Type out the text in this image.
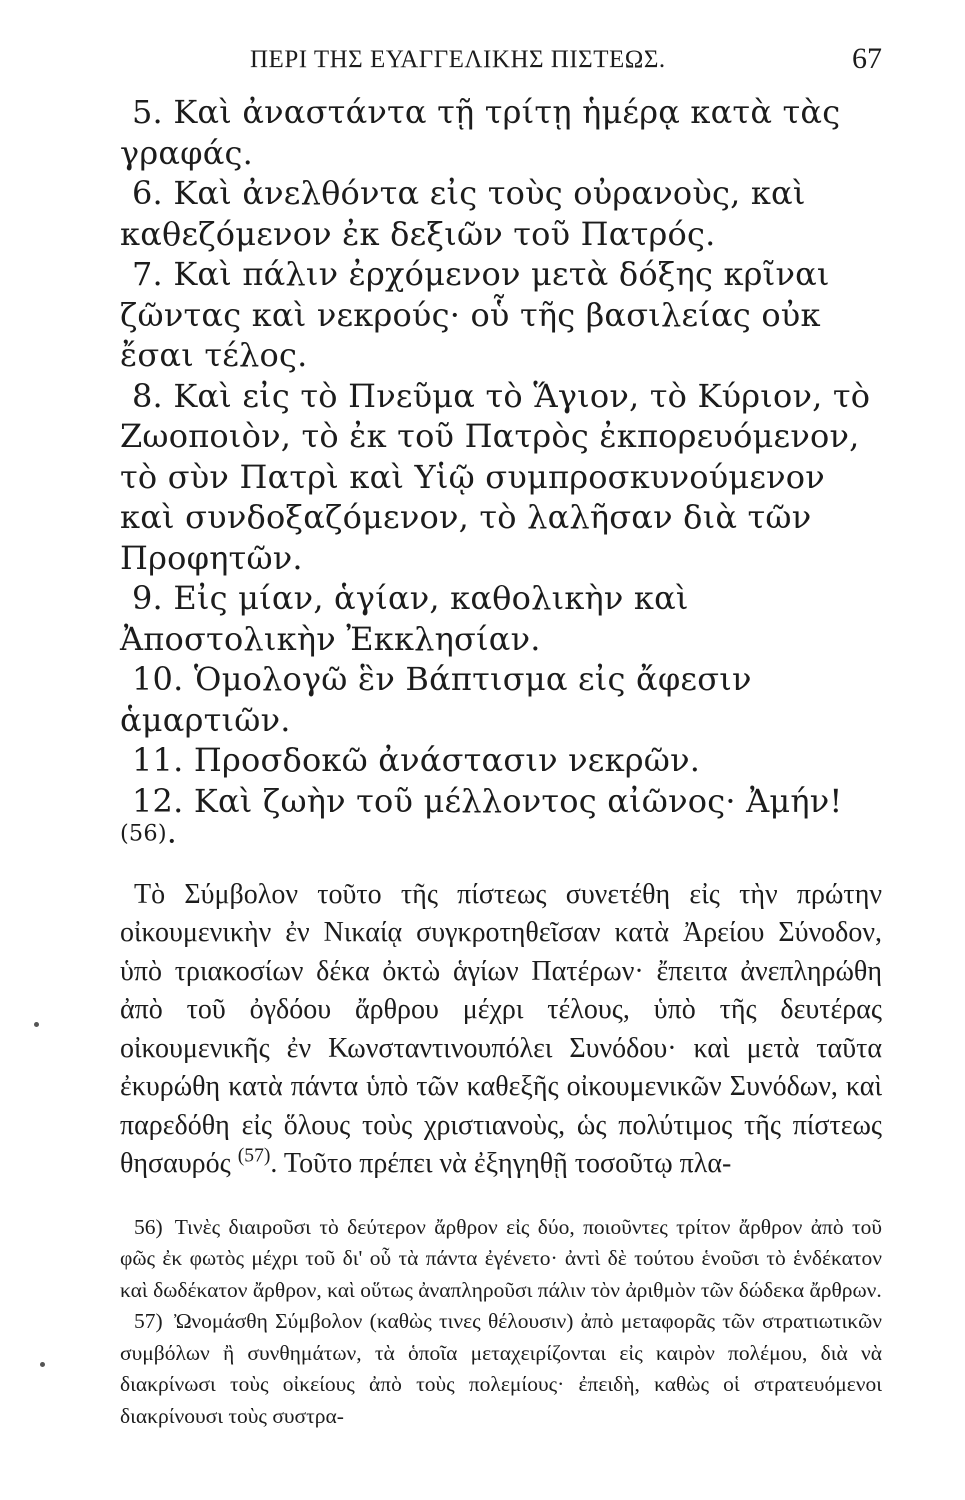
ΠΕΡΙ ΤΗΣ ΕΥΑΓΓΕΛΙΚΗΣ ΠΙΣΤΕΩΣ.	67

5. Καὶ ἀναστάντα τῇ τρίτῃ ἡμέρᾳ κατὰ τὰς γραφάς.

6. Καὶ ἀνελθόντα εἰς τοὺς οὐρανοὺς, καὶ καθεζόμενον ἐκ δεξιῶν τοῦ Πατρός.

7. Καὶ πάλιν ἐρχόμενον μετὰ δόξης κρῖναι ζῶντας καὶ νεκρούς· οὗ τῆς βασιλείας οὐκ ἔσαι τέλος.

8. Καὶ εἰς τὸ Πνεῦμα τὸ Ἅγιον, τὸ Κύριον, τὸ Ζωοποιὸν, τὸ ἐκ τοῦ Πατρὸς ἐκπορευόμενον, τὸ σὺν Πατρὶ καὶ Υἱῷ συμπροσκυνούμενον καὶ συνδοξαζόμενον, τὸ λαλῆσαν διὰ τῶν Προφητῶν.

9. Εἰς μίαν, ἁγίαν, καθολικὴν καὶ Ἀποστολικὴν Ἐκκλησίαν.

10. Ὁμολογῶ ἓν Βάπτισμα εἰς ἄφεσιν ἁμαρτιῶν.

11. Προσδοκῶ ἀνάστασιν νεκρῶν.

12. Καὶ ζωὴν τοῦ μέλλοντος αἰῶνος· Ἀμήν! $^{(56)}$·

Τὸ Σύμβολον τοῦτο τῆς πίστεως συνετέθη εἰς τὴν πρώτην οἰκουμενικὴν ἐν Νικαίᾳ συγκροτηθεῖσαν κατὰ Ἀρείου Σύνοδον, ὑπὸ τριακοσίων δέκα ὀκτὼ ἁγίων Πατέρων· ἔπειτα ἀνεπληρώθη ἀπὸ τοῦ ὀγδόου ἄρθρου μέχρι τέλους, ὑπὸ τῆς δευτέρας οἰκουμενικῆς ἐν Κωνσταντινουπόλει Συνόδου· καὶ μετὰ ταῦτα ἐκυρώθη κατὰ πάντα ὑπὸ τῶν καθεξῆς οἰκουμενικῶν Συνόδων, καὶ παρεδόθη εἰς ὅλους τοὺς χριστιανοὺς, ὡς πολύτιμος τῆς πίστεως θησαυρός $^{(57)}$. Τοῦτο πρέπει νὰ ἐξηγηθῇ τοσοῦτῳ πλα-

56) Τινὲς διαιροῦσι τὸ δεύτερον ἄρθρον εἰς δύο, ποιοῦντες τρίτον ἄρθρον ἀπὸ τοῦ φῶς ἐκ φωτὸς μέχρι τοῦ δι' οὗ τὰ πάντα ἐγένετο· ἀντὶ δὲ τούτου ἑνοῦσι τὸ ἑνδέκατον καὶ δωδέκατον ἄρθρον, καὶ οὕτως ἀναπληροῦσι πάλιν τὸν ἀριθμὸν τῶν δώδεκα ἄρθρων.

57) Ὠνομάσθη Σύμβολον (καθὼς τινες θέλουσιν) ἀπὸ μεταφορᾶς τῶν στρατιωτικῶν συμβόλων ἢ συνθημάτων, τὰ ὁποῖα μεταχειρίζονται εἰς καιρὸν πολέμου, διὰ νὰ διακρίνωσι τοὺς οἰκείους ἀπὸ τοὺς πολεμίους· ἐπειδὴ, καθὼς οἱ στρατευόμενοι διακρίνουσι τοὺς συστρα-
